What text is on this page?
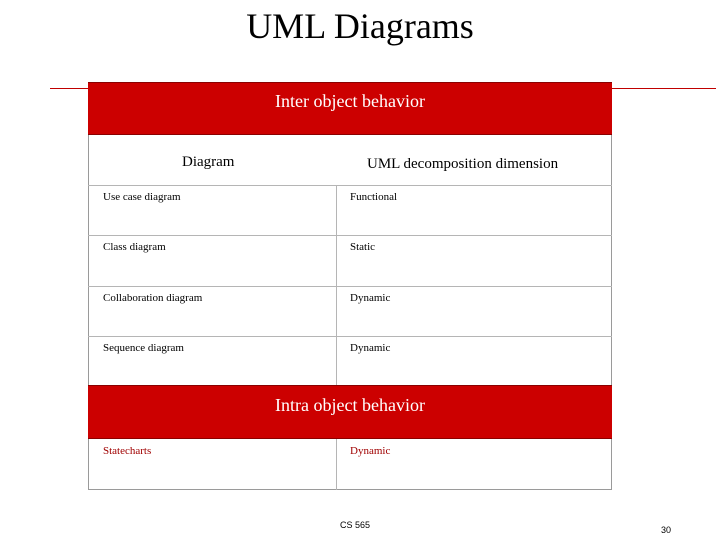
UML Diagrams
Inter object behavior
Diagram	UML decomposition dimension
Use case diagram	Functional
Class diagram	Static
Collaboration diagram	Dynamic
Sequence diagram	Dynamic
Intra object behavior
Statecharts	Dynamic
CS 565	30
